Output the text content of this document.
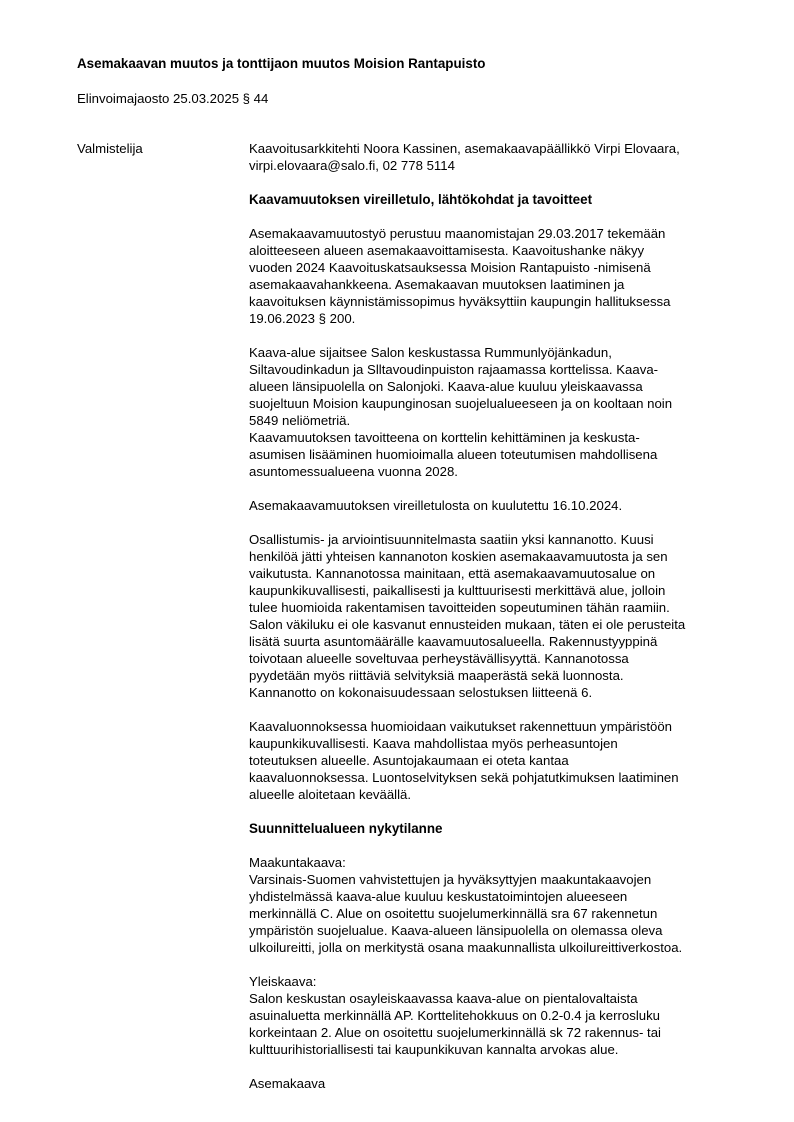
Asemakaavan muutos ja tonttijaon muutos Moision Rantapuisto
Elinvoimajaosto 25.03.2025 § 44
Valmistelija	Kaavoitusarkkitehti Noora Kassinen, asemakaavapäällikkö Virpi Elovaara,
virpi.elovaara@salo.fi, 02 778 5114

Kaavamuutoksen vireilletulo, lähtökohdat ja tavoitteet

Asemakaavamuutostyö perustuu maanomistajan 29.03.2017 tekemään
aloitteeseen alueen asemakaavoittamisesta. Kaavoitushanke näkyy
vuoden 2024 Kaavoituskatsauksessa Moision Rantapuisto -nimisenä
asemakaavahankkeena. Asemakaavan muutoksen laatiminen ja
kaavoituksen käynnistämissopimus hyväksyttiin kaupungin hallituksessa
19.06.2023 § 200.

Kaava-alue sijaitsee Salon keskustassa Rummunlyöjänkadun,
Siltavoudinkadun ja Slltavoudinpuiston rajaamassa korttelissa. Kaava-
alueen länsipuolella on Salonjoki. Kaava-alue kuuluu yleiskaavassa
suojeltuun Moision kaupunginosan suojelualueeseen ja on kooltaan noin
5849 neliömetriä.
Kaavamuutoksen tavoitteena on korttelin kehittäminen ja keskusta-
asumisen lisääminen huomioimalla alueen toteutumisen mahdollisena
asuntomessualueena vuonna 2028.

Asemakaavamuutoksen vireilletulosta on kuulutettu 16.10.2024.

Osallistumis- ja arviointisuunnitelmasta saatiin yksi kannanotto. Kuusi
henkilöä jätti yhteisen kannanoton koskien asemakaavamuutosta ja sen
vaikutusta. Kannanotossa mainitaan, että asemakaavamuutosalue on
kaupunkikuvallisesti, paikallisesti ja kulttuurisesti merkittävä alue, jolloin
tulee huomioida rakentamisen tavoitteiden sopeutuminen tähän raamiin.
Salon väkiluku ei ole kasvanut ennusteiden mukaan, täten ei ole perusteita
lisätä suurta asuntomäärälle kaavamuutosalueella. Rakennustyyppinä
toivotaan alueelle soveltuvaa perheystävällisyyttä. Kannanotossa
pyydetään myös riittäviä selvityksiä maaperästä sekä luonnosta.
Kannanotto on kokonaisuudessaan selostuksen liitteenä 6.

Kaavaluonnoksessa huomioidaan vaikutukset rakennettuun ympäristöön
kaupunkikuvallisesti. Kaava mahdollistaa myös perheasuntojen
toteutuksen alueelle. Asuntojakaumaan ei oteta kantaa
kaavaluonnoksessa. Luontoselvityksen sekä pohjatutkimuksen laatiminen
alueelle aloitetaan keväällä.

Suunnittelualueen nykytilanne

Maakuntakaava:
Varsinais-Suomen vahvistettujen ja hyväksyttyjen maakuntakaavojen
yhdistelmässä kaava-alue kuuluu keskustatoimintojen alueeseen
merkinnällä C. Alue on osoitettu suojelumerkinnällä sra 67 rakennetun
ympäristön suojelualue. Kaava-alueen länsipuolella on olemassa oleva
ulkoilureitti, jolla on merkitystä osana maakunnallista ulkoilureittiverkostoa.

Yleiskaava:
Salon keskustan osayleiskaavassa kaava-alue on pientalovaltaista
asuinaluetta merkinnällä AP. Korttelitehokkuus on 0.2-0.4 ja kerrosluku
korkeintaan 2. Alue on osoitettu suojelumerkinnällä sk 72 rakennus- tai
kulttuurihistoriallisesti tai kaupunkikuvan kannalta arvokas alue.

Asemakaava
